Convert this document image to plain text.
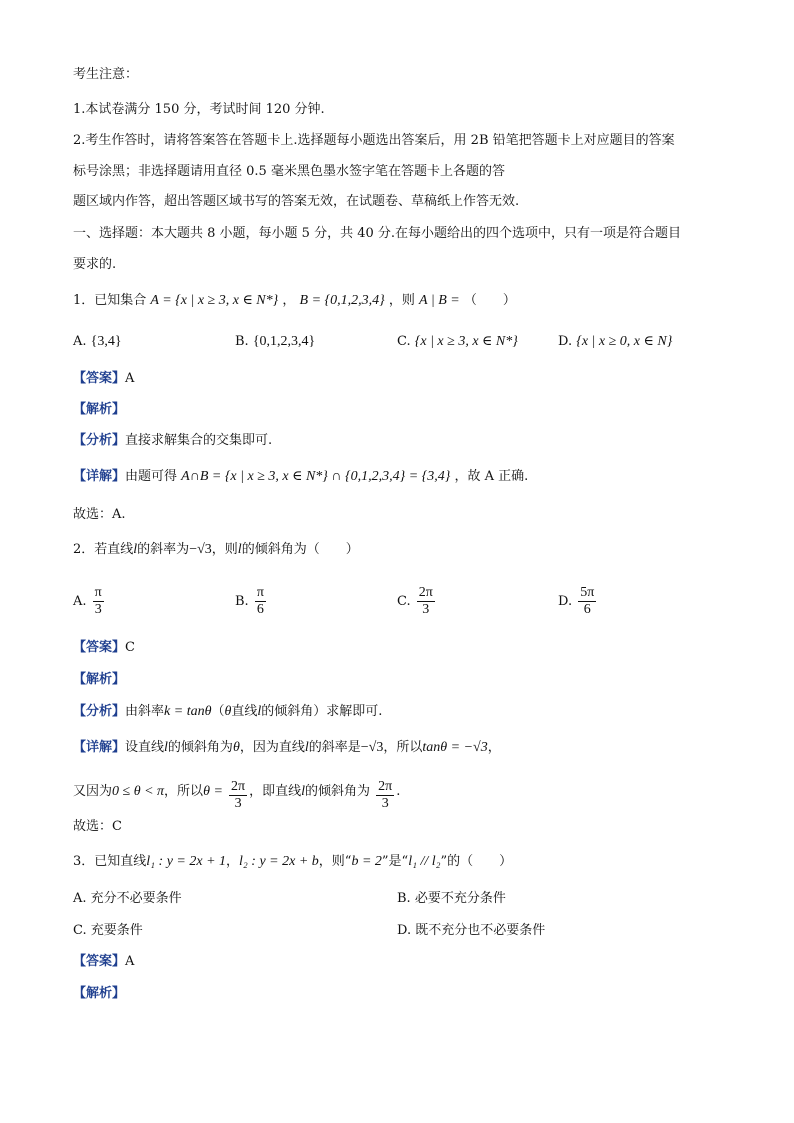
考生注意：
1.本试卷满分 150 分，考试时间 120 分钟.
2.考生作答时，请将答案答在答题卡上.选择题每小题选出答案后，用 2B 铅笔把答题卡上对应题目的答案
标号涂黑；非选择题请用直径 0.5 毫米黑色墨水签字笔在答题卡上各题的答
题区域内作答，超出答题区域书写的答案无效，在试题卷、草稿纸上作答无效.
一、选择题：本大题共 8 小题，每小题 5 分，共 40 分.在每小题给出的四个选项中，只有一项是符合题目
要求的.
1．已知集合 A = {x | x ≥ 3, x ∈ N*} ， B = {0,1,2,3,4} ，则 A | B = （　　）
A. {3,4}	B. {0,1,2,3,4}	C. {x | x ≥ 3, x ∈ N*}	D. {x | x ≥ 0, x ∈ N}
【答案】A
【解析】
【分析】直接求解集合的交集即可.
【详解】由题可得 A∩B = {x | x ≥ 3, x ∈ N*} ∩ {0,1,2,3,4} = {3,4} ，故 A 正确.
故选：A.
2．若直线l的斜率为−√3，则l的倾斜角为（　　）
A. $\frac{\pi}{3}$	B. $\frac{\pi}{6}$	C. $\frac{2\pi}{3}$	D. $\frac{5\pi}{6}$
【答案】C
【解析】
【分析】由斜率k = tanθ（θ直线l的倾斜角）求解即可.
【详解】设直线l的倾斜角为θ，因为直线l的斜率是−√3，所以tanθ = −√3，
又因为0 ≤ θ < π，所以$\theta = \frac{2\pi}{3}$ ，即直线l的倾斜角为 $\frac{2\pi}{3}$ .
故选：C
3．已知直线l₁ : y = 2x + 1，l₂ : y = 2x + b，则“b = 2”是“l₁ // l₂”的（　　）
A. 充分不必要条件	B. 必要不充分条件
C. 充要条件	D. 既不充分也不必要条件
【答案】A
【解析】
